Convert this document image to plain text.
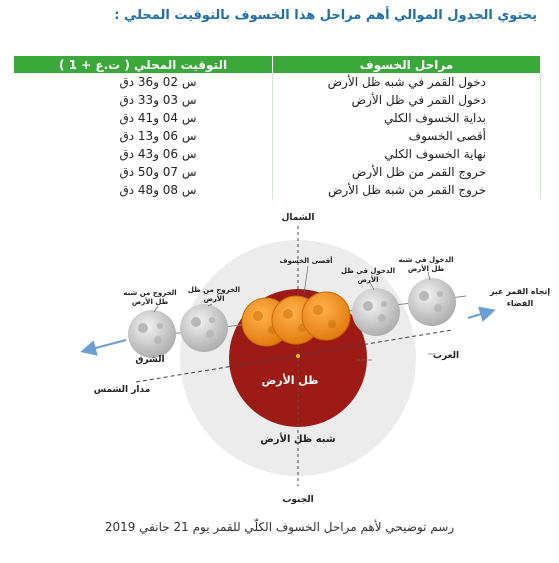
يحتوي الجدول الموالي أهم مراحل هذا الخسوف بالتوقيت المحلي :
التوقيت المحلي ( ت.ع + 1 )	مراحل الخسوف
س 02 و36 دق	دخول القمر في شبه ظل الأرض
س 03 و33 دق	دخول القمر في ظل الأرض
س 04 و41 دق	بداية الخسوف الكلي
س 06 و13 دق	أقصى الخسوف
س 06 و43 دق	نهاية الخسوف الكلي
س 07 و50 دق	خروج القمر من ظل الأرض
س 08 و48 دق	خروج القمر من شبه ظل الأرض
الشمال
الجنوب
الغرب
الشرق
ظل الأرض
شبه ظل الأرض
مدار الشمس
إتجاه القمر عبر
الفضاء
أقصى الخسوف
الدخول في ظل
الأرض
الدخول في شبه
ظل الأرض
الخروج من ظل
الأرض
الخروج من شبه
ظل الأرض
رسم توضيحي لأهم مراحل الخسوف الكلّي للقمر يوم 21 جانفي 2019
